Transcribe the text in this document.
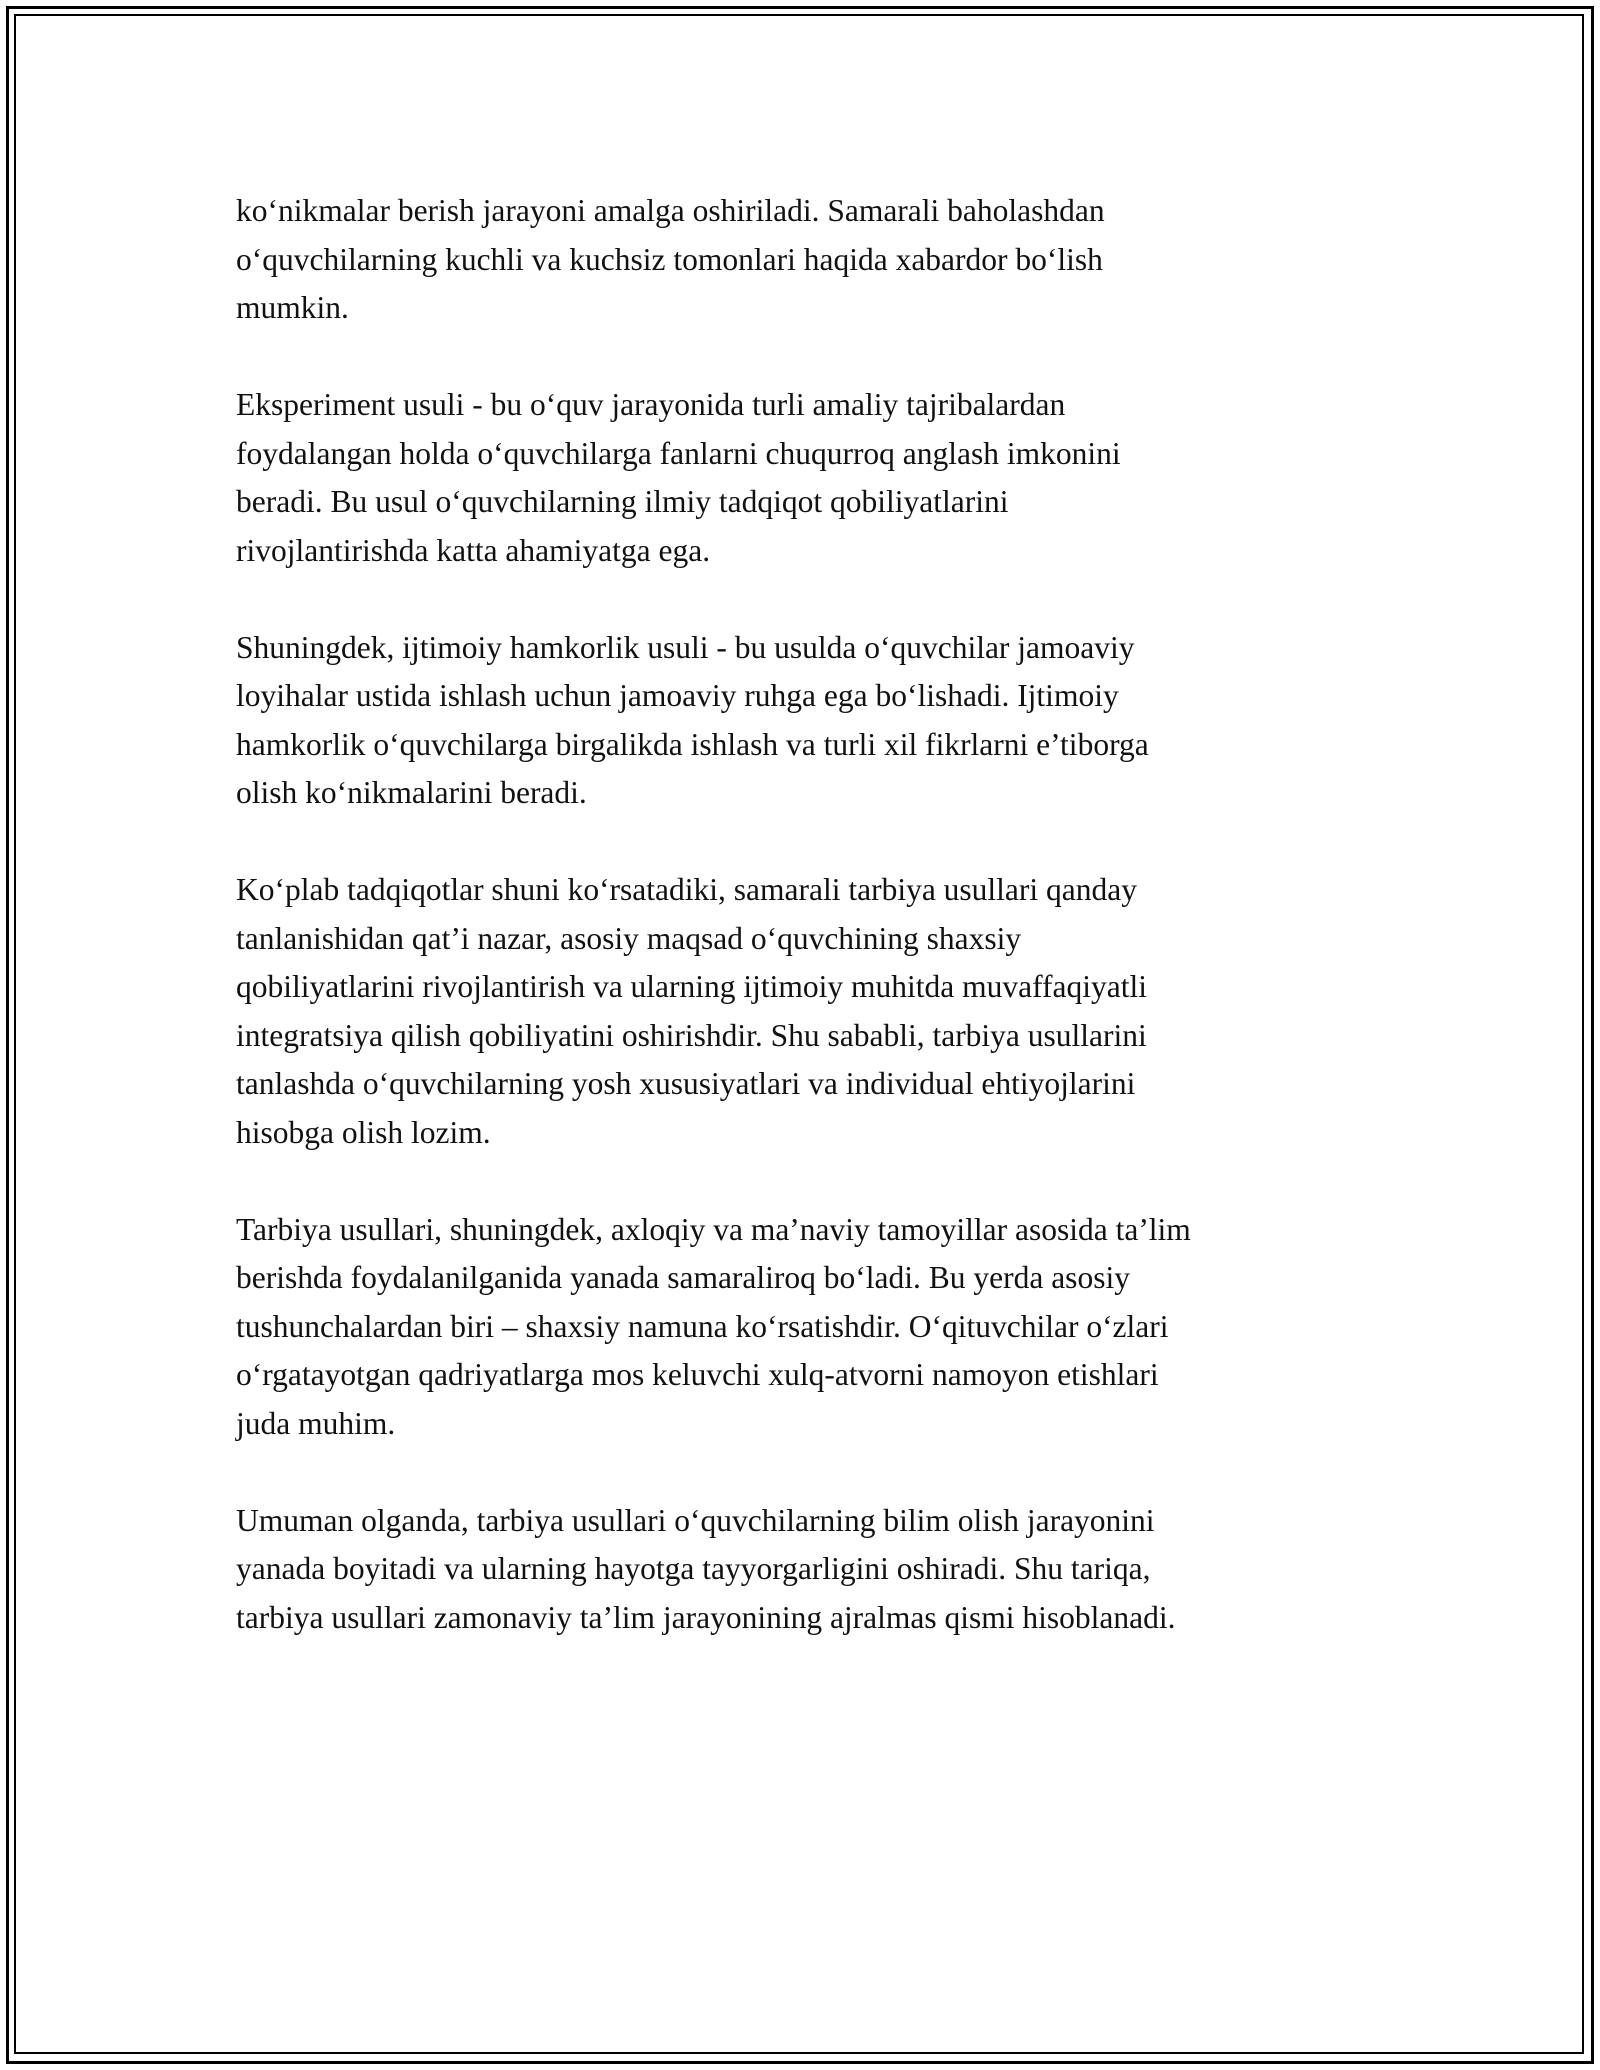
ko‘nikmalar berish jarayoni amalga oshiriladi. Samarali baholashdan
o‘quvchilarning kuchli va kuchsiz tomonlari haqida xabardor bo‘lish
mumkin.

Eksperiment usuli - bu o‘quv jarayonida turli amaliy tajribalardan
foydalangan holda o‘quvchilarga fanlarni chuqurroq anglash imkonini
beradi. Bu usul o‘quvchilarning ilmiy tadqiqot qobiliyatlarini
rivojlantirishda katta ahamiyatga ega.

Shuningdek, ijtimoiy hamkorlik usuli - bu usulda o‘quvchilar jamoaviy
loyihalar ustida ishlash uchun jamoaviy ruhga ega bo‘lishadi. Ijtimoiy
hamkorlik o‘quvchilarga birgalikda ishlash va turli xil fikrlarni e’tiborga
olish ko‘nikmalarini beradi.

Ko‘plab tadqiqotlar shuni ko‘rsatadiki, samarali tarbiya usullari qanday
tanlanishidan qat’i nazar, asosiy maqsad o‘quvchining shaxsiy
qobiliyatlarini rivojlantirish va ularning ijtimoiy muhitda muvaffaqiyatli
integratsiya qilish qobiliyatini oshirishdir. Shu sababli, tarbiya usullarini
tanlashda o‘quvchilarning yosh xususiyatlari va individual ehtiyojlarini
hisobga olish lozim.

Tarbiya usullari, shuningdek, axloqiy va ma’naviy tamoyillar asosida ta’lim
berishda foydalanilganida yanada samaraliroq bo‘ladi. Bu yerda asosiy
tushunchalardan biri – shaxsiy namuna ko‘rsatishdir. O‘qituvchilar o‘zlari
o‘rgatayotgan qadriyatlarga mos keluvchi xulq-atvorni namoyon etishlari
juda muhim.

Umuman olganda, tarbiya usullari o‘quvchilarning bilim olish jarayonini
yanada boyitadi va ularning hayotga tayyorgarligini oshiradi. Shu tariqa,
tarbiya usullari zamonaviy ta’lim jarayonining ajralmas qismi hisoblanadi.
